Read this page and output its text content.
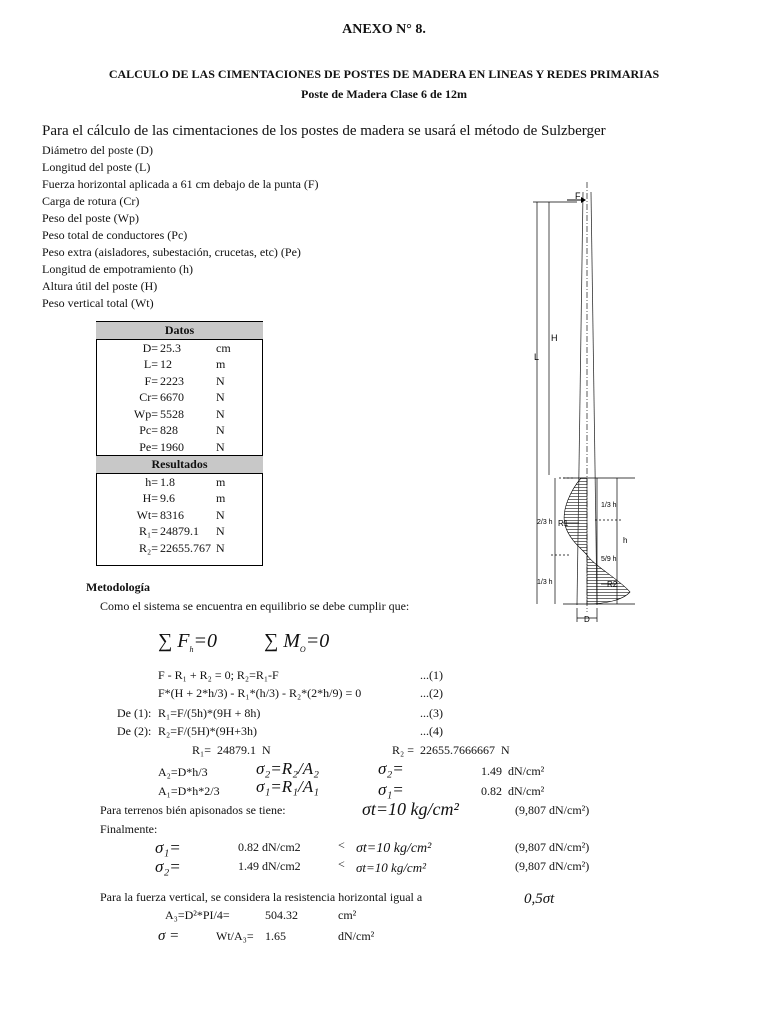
ANEXO N° 8.
CALCULO DE LAS CIMENTACIONES DE POSTES DE MADERA EN LINEAS Y REDES PRIMARIAS
Poste de Madera Clase 6 de 12m
Para el cálculo de las cimentaciones de los postes de madera se usará el método de Sulzberger
Diámetro del poste (D)
Longitud del poste (L)
Fuerza horizontal aplicada a 61 cm debajo de la punta (F)
Carga de rotura (Cr)
Peso del poste (Wp)
Peso total de conductores (Pc)
Peso extra (aisladores, subestación, crucetas, etc) (Pe)
Longitud de empotramiento (h)
Altura útil del poste (H)
Peso vertical total (Wt)
Datos		
D=	25.3	cm
L=	12	m
F=	2223	N
Cr=	6670	N
Wp=	5528	N
Pc=	828	N
Pe=	1960	N
Resultados		
h=	1.8	m
H=	9.6	m
Wt=	8316	N
R₁=	24879.1	N
R₂=	22655.767	N
F
L
H
R1
R2
2/3 h
1/3 h
1/3 h
5/9 h
h
D
Metodología
Como el sistema se encuentra en equilibrio se debe cumplir que:
∑ $F_h=0$ ∑ $M_O=0$
F - R₁ + R₂ = 0; R₂=R₁-F	...(1)
F*(H + 2*h/3) - R₁*(h/3) - R₂*(2*h/9) = 0	...(2)
De (1): R₁=F/(5h)*(9H + 8h)	...(3)
De (2): R₂=F/(5H)*(9H+3h)	...(4)
R₁= 24879.1 N	R₂ = 22655.7666667 N
A₂=D*h/3	σ₂=R₂/A₂	σ₂=	1.49 dN/cm²
A₁=D*h*2/3 σ₁=R₁/A₁	σ₁=	0.82 dN/cm²
Para terrenos bién apisonados se tiene:	σt=10 kg/cm²	(9,807 dN/cm²)
Finalmente:
σ₁=	0.82 dN/cm2	< σt=10 kg/cm²	(9,807 dN/cm²)
σ₂=	1.49 dN/cm2	< σt=10 kg/cm²	(9,807 dN/cm²)
Para la fuerza vertical, se considera la resistencia horizontal igual a	0,5σt
A₃=D²*PI/4=	504.32	cm²
σ =	Wt/A₃= 1.65	dN/cm²
